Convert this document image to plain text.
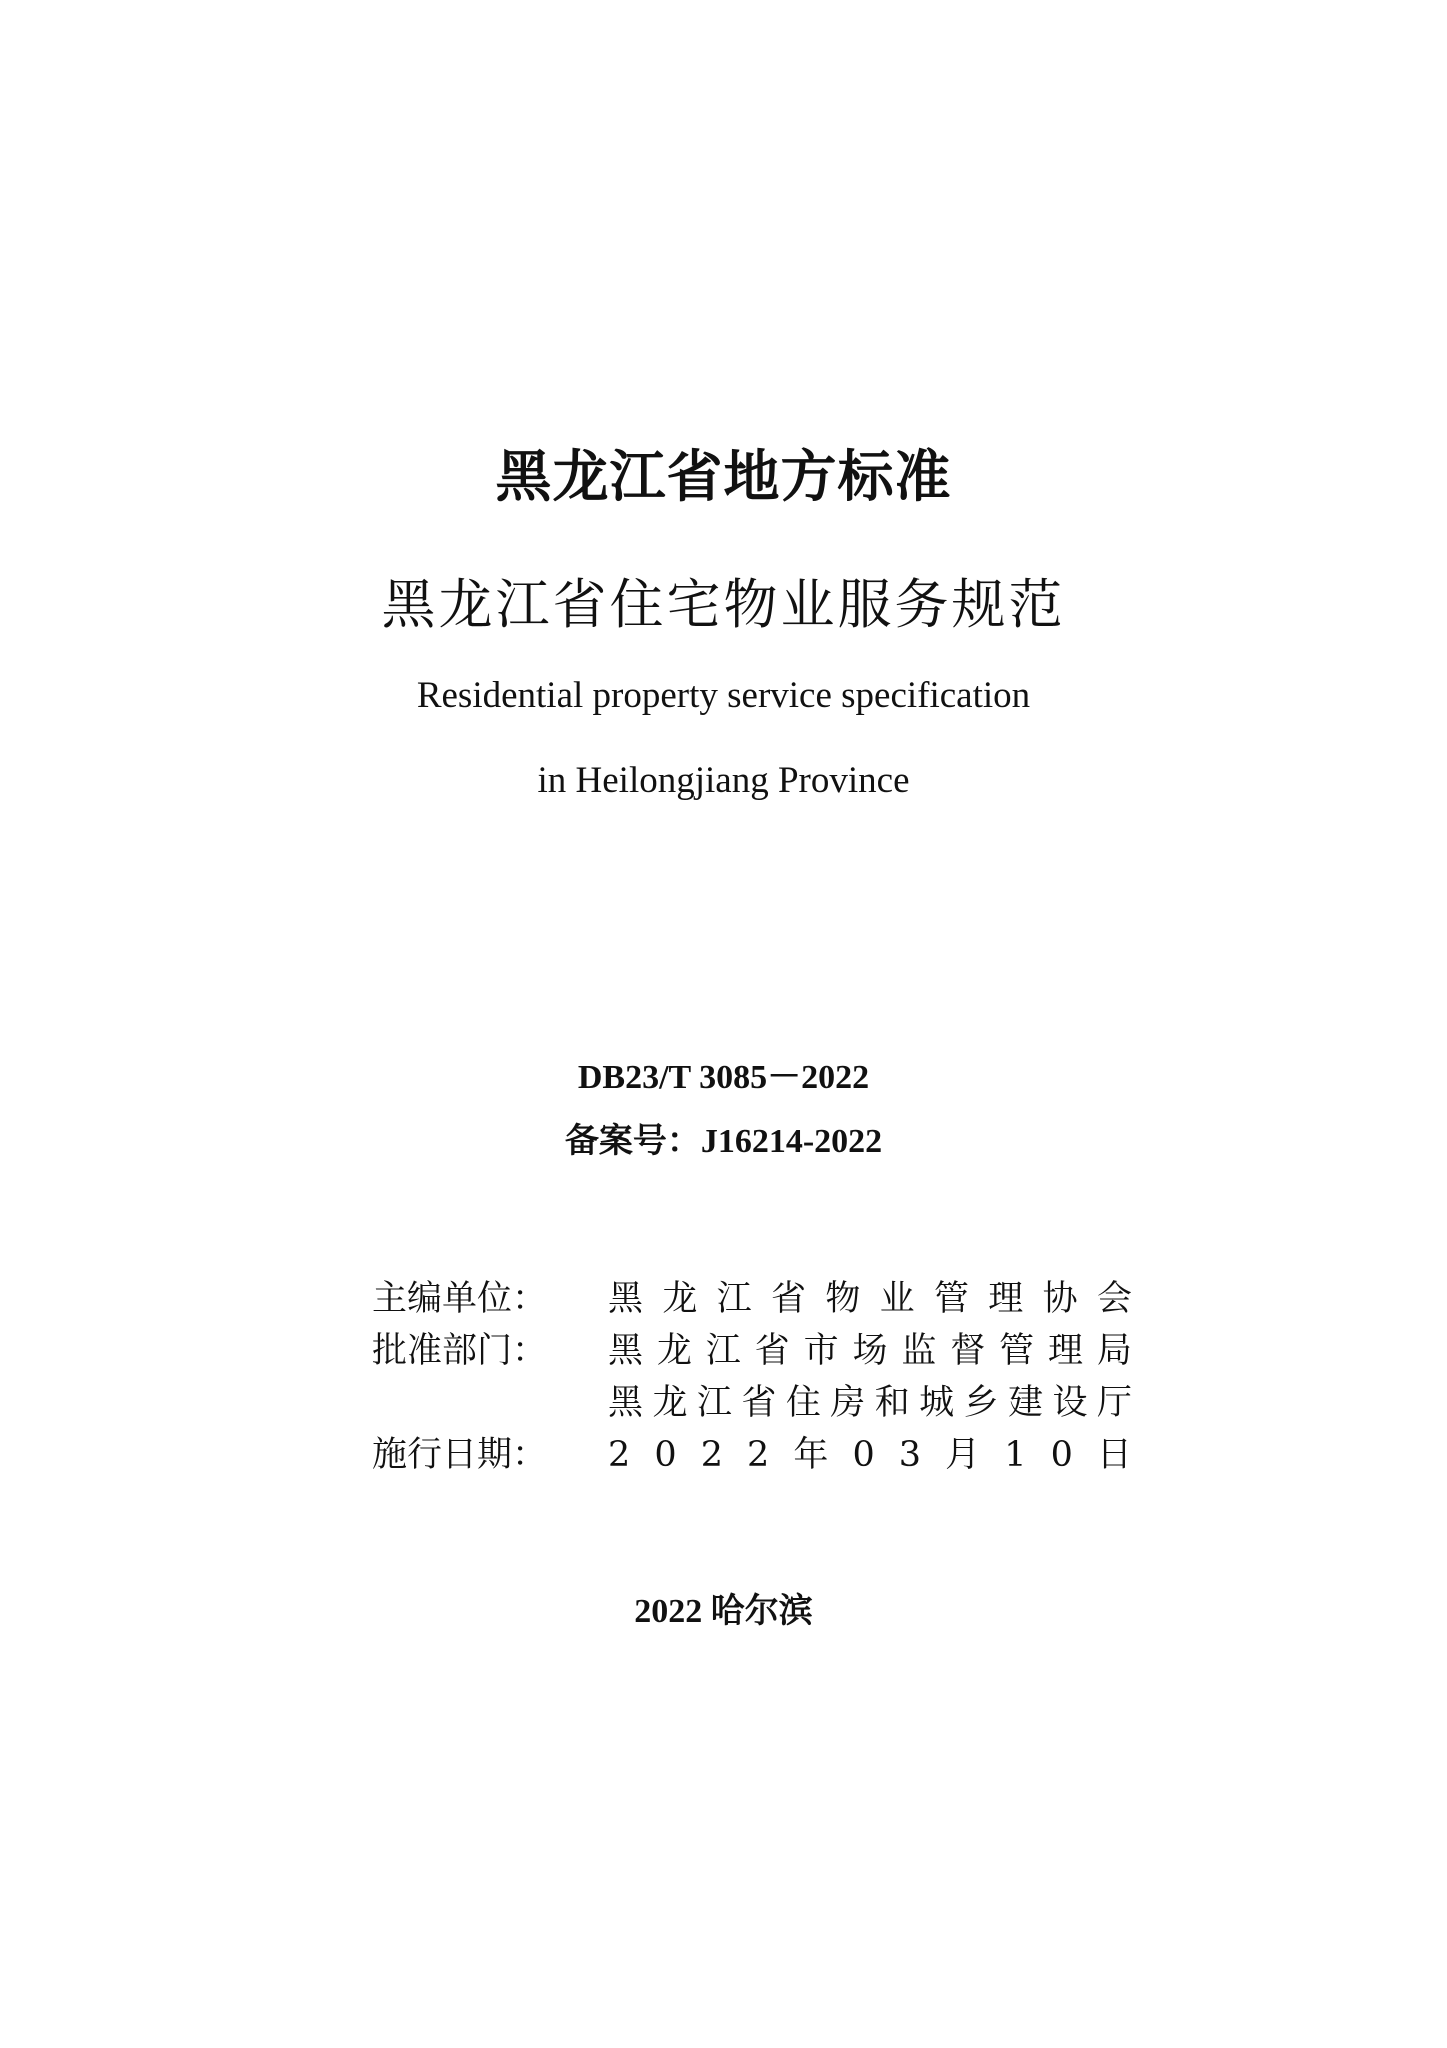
黑龙江省地方标准
黑龙江省住宅物业服务规范
Residential property service specification
in Heilongjiang Province
DB23/T 3085－2022
备案号：J16214-2022
主编单位：	黑 龙 江 省 物 业 管 理 协 会
批准部门：	黑 龙 江 省 市 场 监 督 管 理 局
黑 龙 江 省 住 房 和 城 乡 建 设 厅
施行日期：	2 0 2 2 年 0 3 月 1 0 日
2022 哈尔滨
